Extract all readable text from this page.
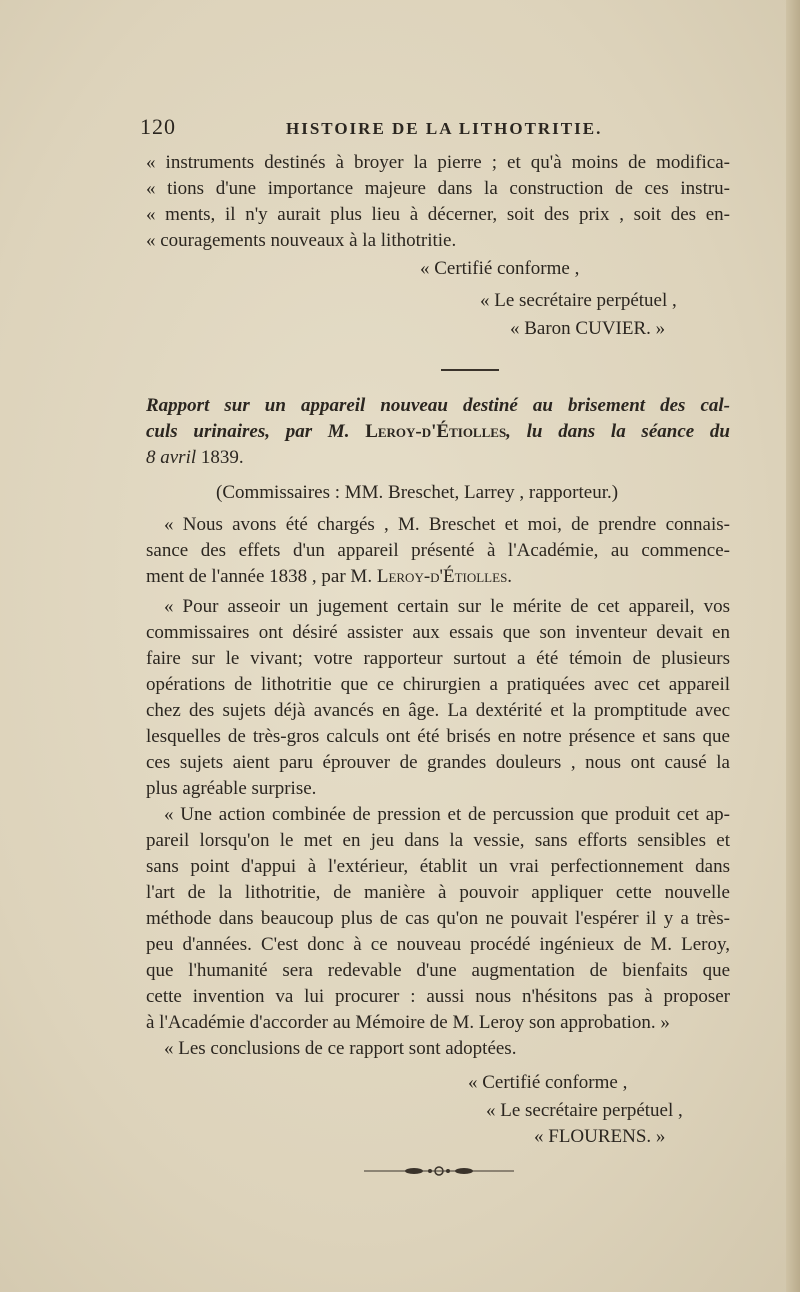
120	HISTOIRE DE LA LITHOTRITIE.
« instruments destinés à broyer la pierre ; et qu'à moins de modifica-
« tions d'une importance majeure dans la construction de ces instru-
« ments, il n'y aurait plus lieu à décerner, soit des prix , soit des en-
« couragements nouveaux à la lithotritie.
« Certifié conforme ,
« Le secrétaire perpétuel ,
« Baron CUVIER. »
Rapport sur un appareil nouveau destiné au brisement des cal-
culs urinaires, par M. Leroy-d'Étiolles, lu dans la séance du
8 avril 1839.
(Commissaires : MM. Breschet, Larrey , rapporteur.)
« Nous avons été chargés , M. Breschet et moi, de prendre connais-
sance des effets d'un appareil présenté à l'Académie, au commence-
ment de l'année 1838 , par M. Leroy-d'Étiolles.
« Pour asseoir un jugement certain sur le mérite de cet appareil, vos
commissaires ont désiré assister aux essais que son inventeur devait en
faire sur le vivant; votre rapporteur surtout a été témoin de plusieurs
opérations de lithotritie que ce chirurgien a pratiquées avec cet appareil
chez des sujets déjà avancés en âge. La dextérité et la promptitude avec
lesquelles de très-gros calculs ont été brisés en notre présence et sans que
ces sujets aient paru éprouver de grandes douleurs , nous ont causé la
plus agréable surprise.
« Une action combinée de pression et de percussion que produit cet ap-
pareil lorsqu'on le met en jeu dans la vessie, sans efforts sensibles et
sans point d'appui à l'extérieur, établit un vrai perfectionnement dans
l'art de la lithotritie, de manière à pouvoir appliquer cette nouvelle
méthode dans beaucoup plus de cas qu'on ne pouvait l'espérer il y a très-
peu d'années. C'est donc à ce nouveau procédé ingénieux de M. Leroy,
que l'humanité sera redevable d'une augmentation de bienfaits que
cette invention va lui procurer : aussi nous n'hésitons pas à proposer
à l'Académie d'accorder au Mémoire de M. Leroy son approbation. »
« Les conclusions de ce rapport sont adoptées.
« Certifié conforme ,
« Le secrétaire perpétuel ,
« FLOURENS. »
